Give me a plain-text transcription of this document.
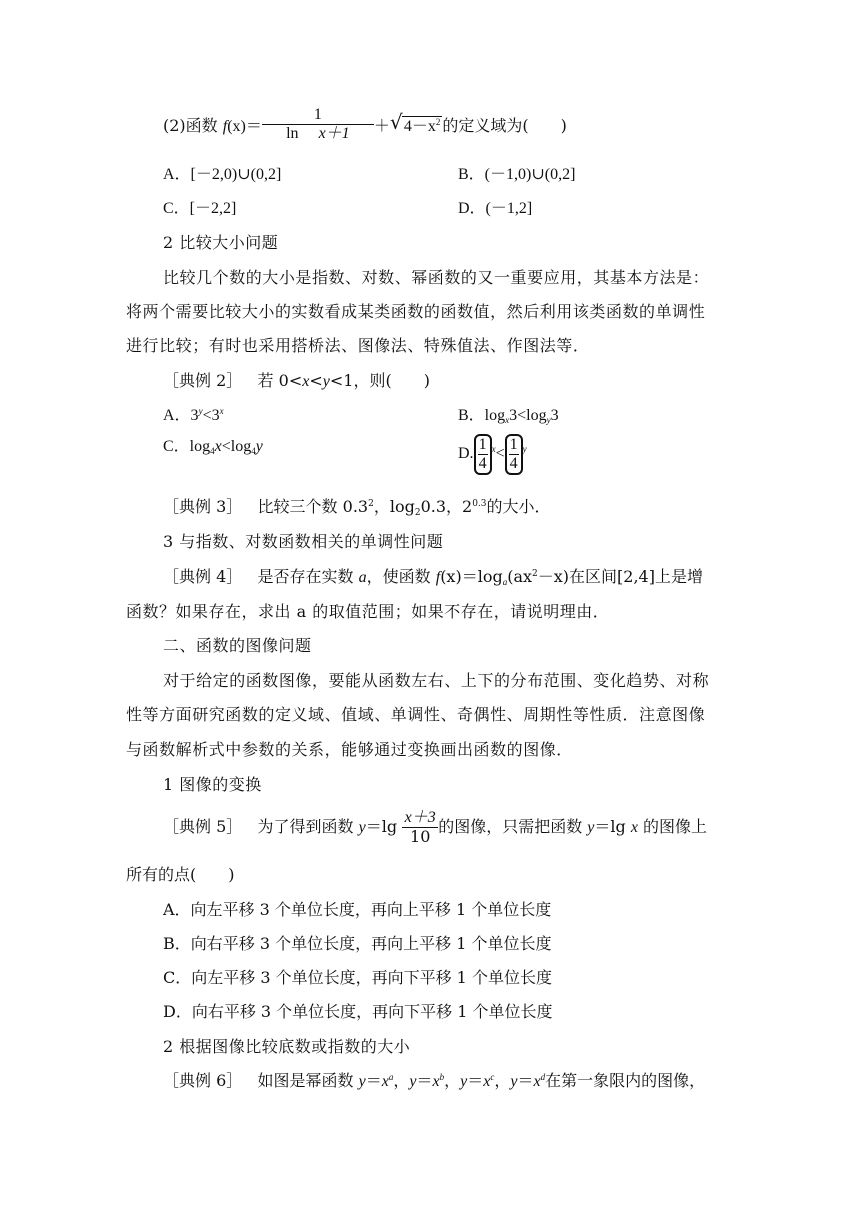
(2)函数 $f(x)= \frac{1}{\text{ln x＋1}}$ ＋ √ $4-x^2$ 的定义域为(　　)
A．[－2,0)∪(0,2]	B．(－1,0)∪(0,2]
C．[－2,2]	D．(－1,2]
2 比较大小问题
比较几个数的大小是指数、对数、幂函数的又一重要应用，其基本方法是：
将两个需要比较大小的实数看成某类函数的函数值，然后利用该类函数的单调性
进行比较；有时也采用搭桥法、图像法、特殊值法、作图法等．
［典例 2］ 若 0<x<y<1，则(　　)
A．$3^y<3^x$	B．$\log_x3<\log_y3$
C．$\log_4x<\log_4y$	D. $\frac{1}{4} ^x< \frac{1}{4} ^y$
［典例 3］ 比较三个数 $0.3^2$，$\log_20.3$，$2^{0.3}$的大小．
3 与指数、对数函数相关的单调性问题
［典例 4］ 是否存在实数 a，使函数 $f(x)=\log_a(ax^2-x)$在区间[2,4]上是增
函数？如果存在，求出 a 的取值范围；如果不存在，请说明理由．
二、函数的图像问题
对于给定的函数图像，要能从函数左右、上下的分布范围、变化趋势、对称
性等方面研究函数的定义域、值域、单调性、奇偶性、周期性等性质．注意图像
与函数解析式中参数的关系，能够通过变换画出函数的图像．
1 图像的变换
［典例 5］ 为了得到函数 $y=\lg \frac{x+3}{10}$ 的图像，只需把函数 y＝lg x 的图像上
所有的点(　　)
A．向左平移 3 个单位长度，再向上平移 1 个单位长度
B．向右平移 3 个单位长度，再向上平移 1 个单位长度
C．向左平移 3 个单位长度，再向下平移 1 个单位长度
D．向右平移 3 个单位长度，再向下平移 1 个单位长度
2 根据图像比较底数或指数的大小
［典例 6］ 如图是幂函数 $y=x^a$，$y=x^b$，$y=x^c$，$y=x^d$在第一象限内的图像，
